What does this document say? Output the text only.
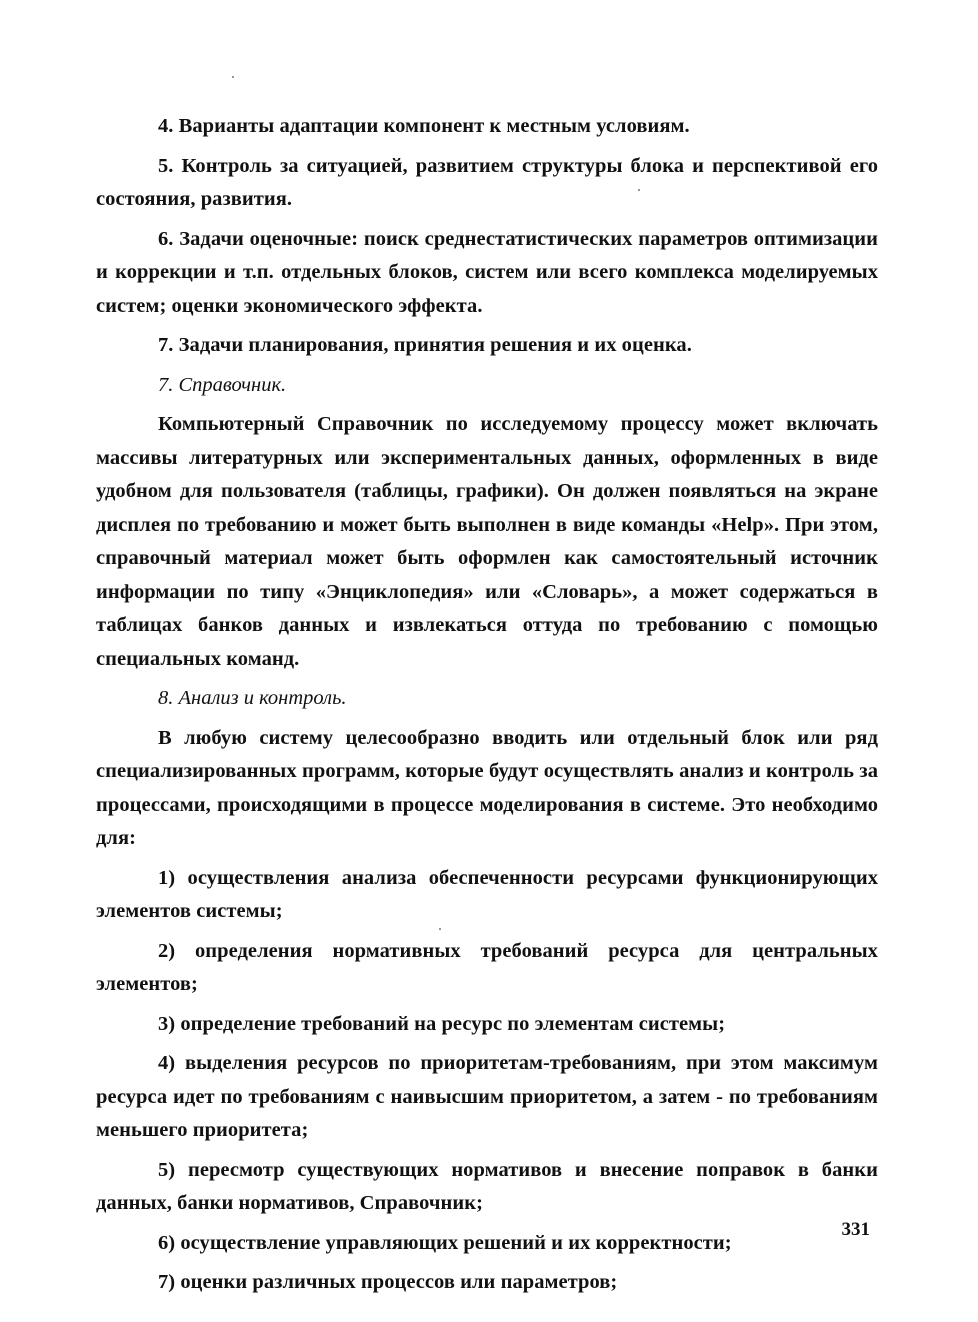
4. Варианты адаптации компонент к местным условиям.

5. Контроль за ситуацией, развитием структуры блока и перспективой его состояния, развития.

6. Задачи оценочные: поиск среднестатистических параметров оптимизации и коррекции и т.п. отдельных блоков, систем или всего комплекса моделируемых систем; оценки экономического эффекта.

7. Задачи планирования, принятия решения и их оценка.

7. Справочник.

Компьютерный Справочник по исследуемому процессу может включать массивы литературных или экспериментальных данных, оформленных в виде удобном для пользователя (таблицы, графики). Он должен появляться на экране дисплея по требованию и может быть выполнен в виде команды «Help». При этом, справочный материал может быть оформлен как самостоятельный источник информации по типу «Энциклопедия» или «Словарь», а может содержаться в таблицах банков данных и извлекаться оттуда по требованию с помощью специальных команд.

8. Анализ и контроль.

В любую систему целесообразно вводить или отдельный блок или ряд специализированных программ, которые будут осуществлять анализ и контроль за процессами, происходящими в процессе моделирования в системе. Это необходимо для:

1) осуществления анализа обеспеченности ресурсами функционирующих элементов системы;

2) определения нормативных требований ресурса для центральных элементов;

3) определение требований на ресурс по элементам системы;

4) выделения ресурсов по приоритетам-требованиям, при этом максимум ресурса идет по требованиям с наивысшим приоритетом, а затем - по требованиям меньшего приоритета;

5) пересмотр существующих нормативов и внесение поправок в банки данных, банки нормативов, Справочник;

6) осуществление управляющих решений и их корректности;

7) оценки различных процессов или параметров;

331
